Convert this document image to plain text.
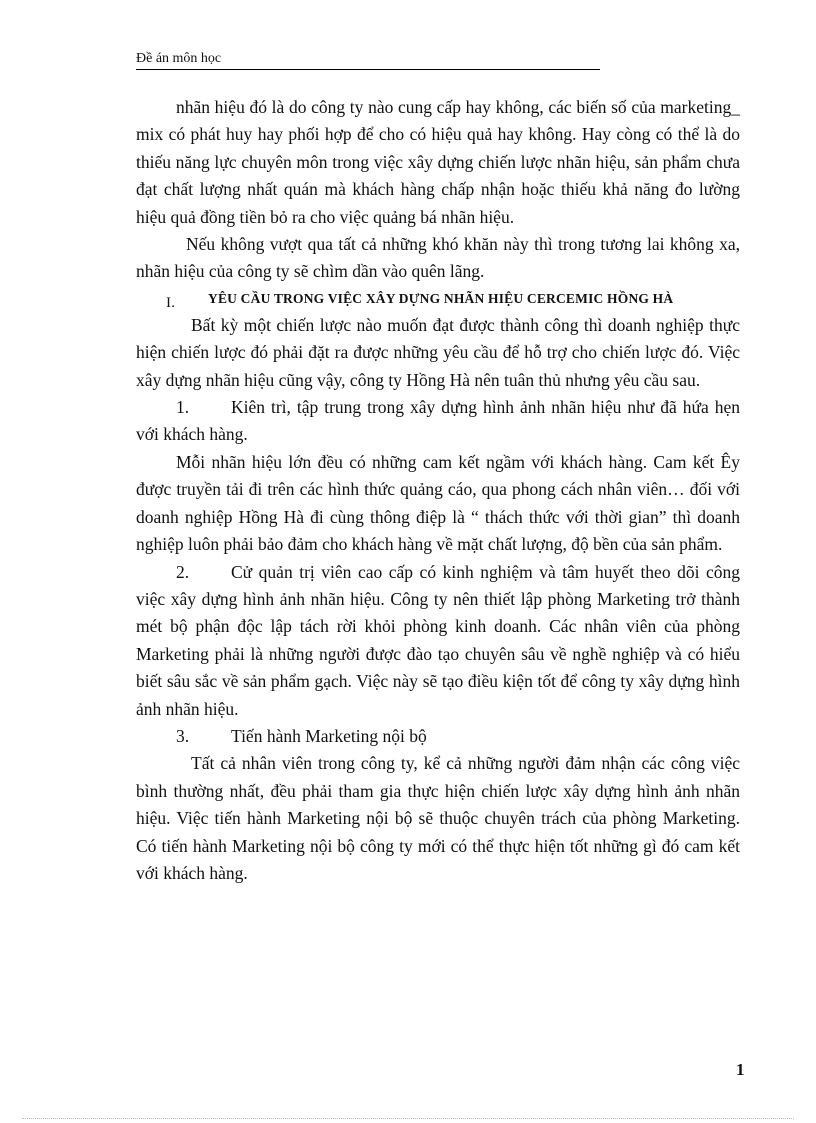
Đề án môn học

nhãn hiệu đó là do công ty nào cung cấp hay không, các biến số của marketing_ mix có phát huy hay phối hợp để cho có hiệu quả hay không. Hay còng có thể là do thiếu năng lực chuyên môn trong việc xây dựng chiến lược nhãn hiệu, sản phẩm chưa đạt chất lượng nhất quán mà khách hàng chấp nhận hoặc thiếu khả năng đo lường hiệu quả đồng tiền bỏ ra cho việc quảng bá nhãn hiệu.

Nếu không vượt qua tất cả những khó khăn này thì trong tương lai không xa, nhãn hiệu của công ty sẽ chìm dần vào quên lãng.

I. YÊU CẦU TRONG VIỆC XÂY DỰNG NHÃN HIỆU CERCEMIC HỒNG HÀ

Bất kỳ một chiến lược nào muốn đạt được thành công thì doanh nghiệp thực hiện chiến lược đó phải đặt ra được những yêu cầu để hỗ trợ cho chiến lược đó. Việc xây dựng nhãn hiệu cũng vậy, công ty Hồng Hà nên tuân thủ nhưng yêu cầu sau.

1. Kiên trì, tập trung trong xây dựng hình ảnh nhãn hiệu như đã hứa hẹn với khách hàng.

Mỗi nhãn hiệu lớn đều có những cam kết ngầm với khách hàng. Cam kết Êy được truyền tải đi trên các hình thức quảng cáo, qua phong cách nhân viên… đối với doanh nghiệp Hồng Hà đi cùng thông điệp là “ thách thức với thời gian” thì doanh nghiệp luôn phải bảo đảm cho khách hàng về mặt chất lượng, độ bền của sản phẩm.

2. Cử quản trị viên cao cấp có kinh nghiệm và tâm huyết theo dõi công việc xây dựng hình ảnh nhãn hiệu. Công ty nên thiết lập phòng Marketing trở thành mét bộ phận độc lập tách rời khỏi phòng kinh doanh. Các nhân viên của phòng Marketing phải là những người được đào tạo chuyên sâu về nghề nghiệp và có hiểu biết sâu sắc về sản phẩm gạch. Việc này sẽ tạo điều kiện tốt để công ty xây dựng hình ảnh nhãn hiệu.

3. Tiến hành Marketing nội bộ

Tất cả nhân viên trong công ty, kể cả những người đảm nhận các công việc bình thường nhất, đều phải tham gia thực hiện chiến lược xây dựng hình ảnh nhãn hiệu. Việc tiến hành Marketing nội bộ sẽ thuộc chuyên trách của phòng Marketing. Có tiến hành Marketing nội bộ công ty mới có thể thực hiện tốt những gì đó cam kết với khách hàng.

1
